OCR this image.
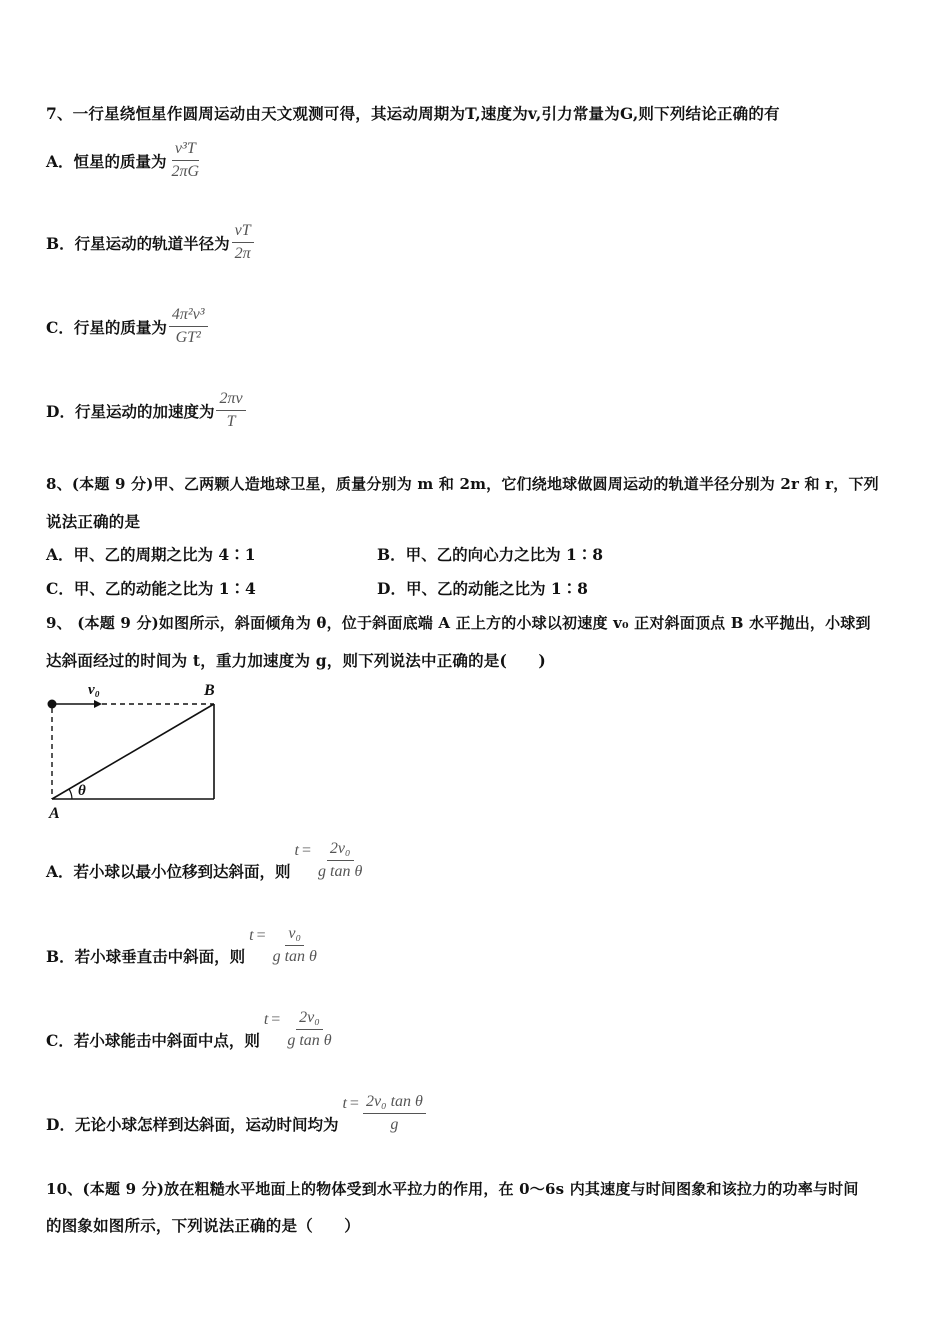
7、一行星绕恒星作圆周运动由天文观测可得，其运动周期为T,速度为v,引力常量为G,则下列结论正确的有
A．恒星的质量为 $\frac{\text{v³T}}{2\pi G}$
B．行星运动的轨道半径为 $\frac{vT}{2\pi}$
C．行星的质量为 $\frac{\text{4π²v³}}{\text{GT²}}$
D．行星运动的加速度为 $\frac{2\pi v}{T}$
8、(本题 9 分)甲、乙两颗人造地球卫星，质量分别为 m 和 2m，它们绕地球做圆周运动的轨道半径分别为 2r 和 r，下列
说法正确的是
A．甲、乙的周期之比为 4∶1	B．甲、乙的向心力之比为 1∶8
C．甲、乙的动能之比为 1∶4	D．甲、乙的动能之比为 1∶8
9、 (本题 9 分)如图所示，斜面倾角为 θ，位于斜面底端 A 正上方的小球以初速度 v₀ 正对斜面顶点 B 水平抛出，小球到
达斜面经过的时间为 t，重力加速度为 g，则下列说法中正确的是(　　)
θ
B
A
v₀
A．若小球以最小位移到达斜面，则
$t = \frac{\text{2v₀}}{\text{g tan θ}}$
B．若小球垂直击中斜面，则
$t = \frac{\text{v₀}}{\text{g tan θ}}$
C．若小球能击中斜面中点，则
$t = \frac{\text{2v₀}}{\text{g tan θ}}$
D．无论小球怎样到达斜面，运动时间均为
$t = \frac{\text{2v₀ tan θ}}{g}$
10、(本题 9 分)放在粗糙水平地面上的物体受到水平拉力的作用，在 0～6s 内其速度与时间图象和该拉力的功率与时间
的图象如图所示，下列说法正确的是（　　）
